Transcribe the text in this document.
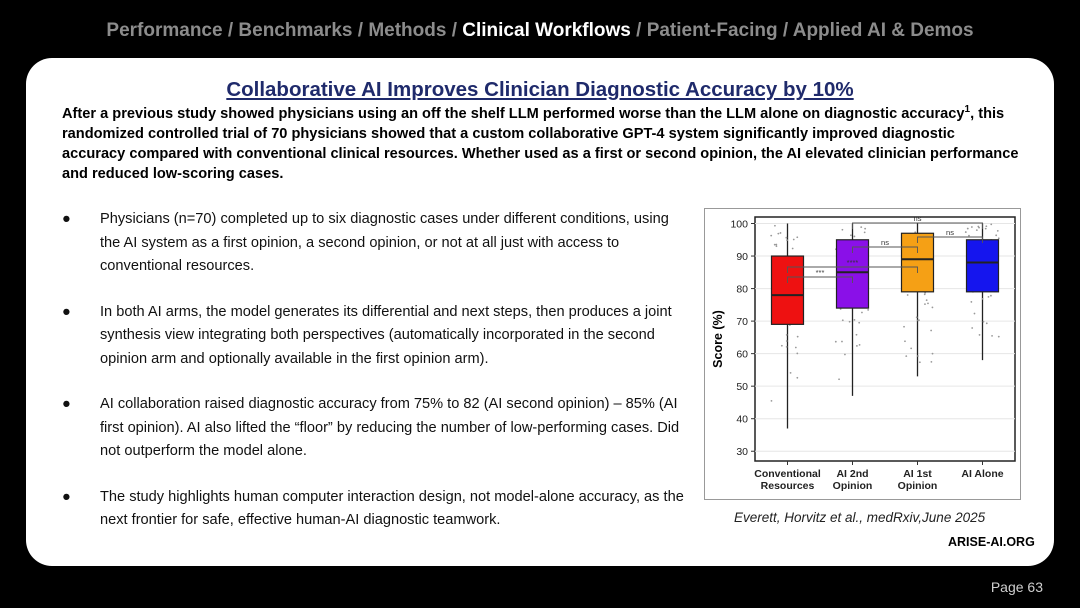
Performance / Benchmarks / Methods / Clinical Workflows / Patient-Facing / Applied AI & Demos
Collaborative AI Improves Clinician Diagnostic Accuracy by 10%
After a previous study showed physicians using an off the shelf LLM performed worse than the LLM alone on diagnostic accuracy$^1$, this randomized controlled trial of 70 physicians showed that a custom collaborative GPT-4 system significantly improved diagnostic accuracy compared with conventional clinical resources. Whether used as a first or second opinion, the AI elevated clinician performance and reduced low-scoring cases.
● Physicians (n=70) completed up to six diagnostic cases under different conditions, using the AI system as a first opinion, a second opinion, or not at all just with access to conventional resources.
● In both AI arms, the model generates its differential and next steps, then produces a joint synthesis view integrating both perspectives (automatically incorporated in the second opinion arm and optionally available in the first opinion arm).
● AI collaboration raised diagnostic accuracy from 75% to 82 (AI second opinion) – 85% (AI first opinion). AI also lifted the “floor” by reducing the number of low-performing cases. Did not outperform the model alone.
● The study highlights human computer interaction design, not model-alone accuracy, as the next frontier for safe, effective human-AI diagnostic teamwork.
30
40
50
60
70
80
90
100
Score (%)
Conventional
Resources
AI 2nd
Opinion
AI 1st
Opinion
AI Alone
***
****
ns
ns
ns
Everett, Horvitz et al., medRxiv,June 2025
ARISE-AI.ORG
Page 63
